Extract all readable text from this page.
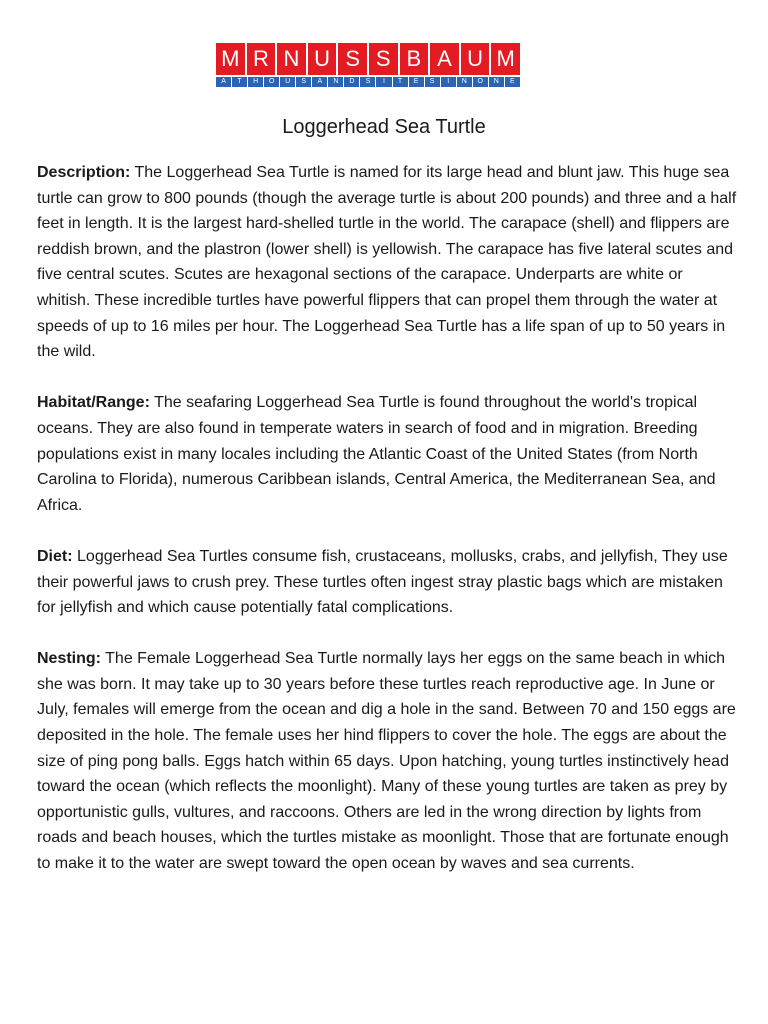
M R N U S S B A U M
A	T	H	O	U	S	A	N	D	S	I	T	E	S	I	N	O	N	E
Loggerhead Sea Turtle

Description: The Loggerhead Sea Turtle is named for its large head and blunt jaw. This huge sea turtle can grow to 800 pounds (though the average turtle is about 200 pounds) and three and a half feet in length. It is the largest hard-shelled turtle in the world. The carapace (shell) and flippers are reddish brown, and the plastron (lower shell) is yellowish. The carapace has five lateral scutes and five central scutes. Scutes are hexagonal sections of the carapace. Underparts are white or whitish. These incredible turtles have powerful flippers that can propel them through the water at speeds of up to 16 miles per hour. The Loggerhead Sea Turtle has a life span of up to 50 years in the wild.

Habitat/Range: The seafaring Loggerhead Sea Turtle is found throughout the world's tropical oceans. They are also found in temperate waters in search of food and in migration. Breeding populations exist in many locales including the Atlantic Coast of the United States (from North Carolina to Florida), numerous Caribbean islands, Central America, the Mediterranean Sea, and Africa.

Diet: Loggerhead Sea Turtles consume fish, crustaceans, mollusks, crabs, and jellyfish, They use their powerful jaws to crush prey. These turtles often ingest stray plastic bags which are mistaken for jellyfish and which cause potentially fatal complications.

Nesting: The Female Loggerhead Sea Turtle normally lays her eggs on the same beach in which she was born. It may take up to 30 years before these turtles reach reproductive age. In June or July, females will emerge from the ocean and dig a hole in the sand. Between 70 and 150 eggs are deposited in the hole. The female uses her hind flippers to cover the hole. The eggs are about the size of ping pong balls. Eggs hatch within 65 days. Upon hatching, young turtles instinctively head toward the ocean (which reflects the moonlight). Many of these young turtles are taken as prey by opportunistic gulls, vultures, and raccoons. Others are led in the wrong direction by lights from roads and beach houses, which the turtles mistake as moonlight. Those that are fortunate enough to make it to the water are swept toward the open ocean by waves and sea currents.
